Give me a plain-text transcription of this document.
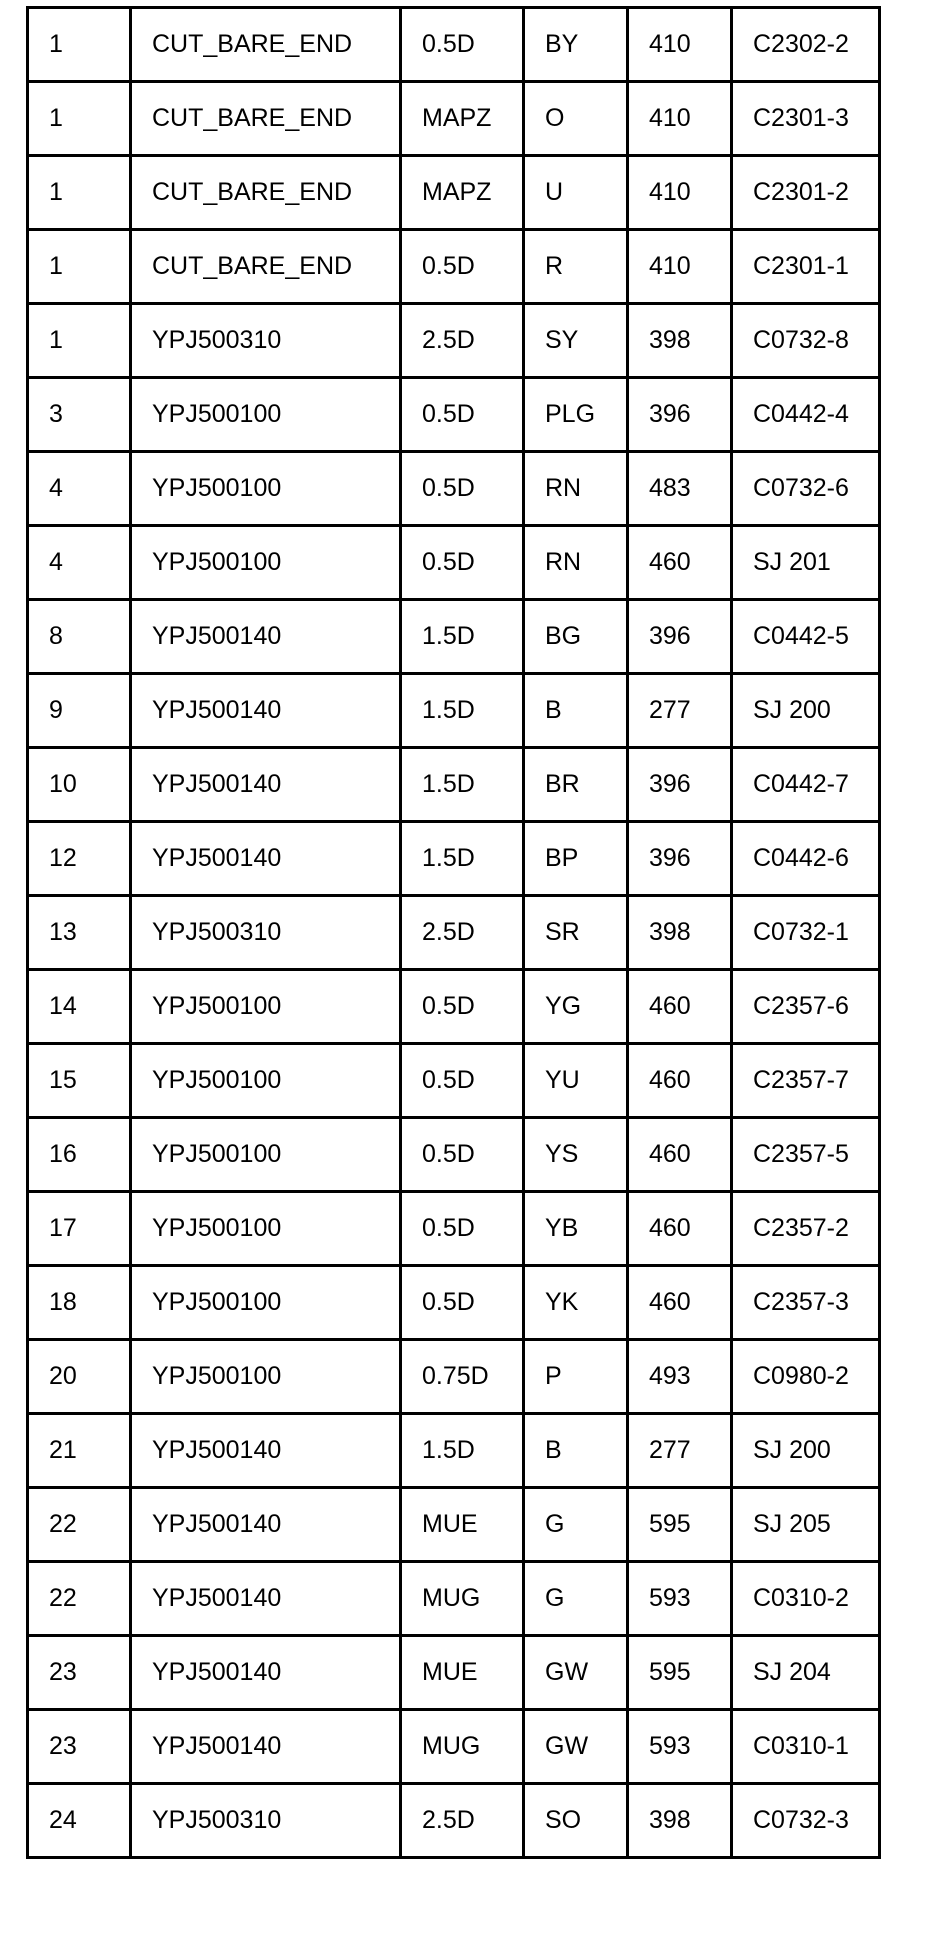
1	CUT_BARE_END	0.5D	BY	410	C2302-2
1	CUT_BARE_END	MAPZ	O	410	C2301-3
1	CUT_BARE_END	MAPZ	U	410	C2301-2
1	CUT_BARE_END	0.5D	R	410	C2301-1
1	YPJ500310	2.5D	SY	398	C0732-8
3	YPJ500100	0.5D	PLG	396	C0442-4
4	YPJ500100	0.5D	RN	483	C0732-6
4	YPJ500100	0.5D	RN	460	SJ 201
8	YPJ500140	1.5D	BG	396	C0442-5
9	YPJ500140	1.5D	B	277	SJ 200
10	YPJ500140	1.5D	BR	396	C0442-7
12	YPJ500140	1.5D	BP	396	C0442-6
13	YPJ500310	2.5D	SR	398	C0732-1
14	YPJ500100	0.5D	YG	460	C2357-6
15	YPJ500100	0.5D	YU	460	C2357-7
16	YPJ500100	0.5D	YS	460	C2357-5
17	YPJ500100	0.5D	YB	460	C2357-2
18	YPJ500100	0.5D	YK	460	C2357-3
20	YPJ500100	0.75D	P	493	C0980-2
21	YPJ500140	1.5D	B	277	SJ 200
22	YPJ500140	MUE	G	595	SJ 205
22	YPJ500140	MUG	G	593	C0310-2
23	YPJ500140	MUE	GW	595	SJ 204
23	YPJ500140	MUG	GW	593	C0310-1
24	YPJ500310	2.5D	SO	398	C0732-3
